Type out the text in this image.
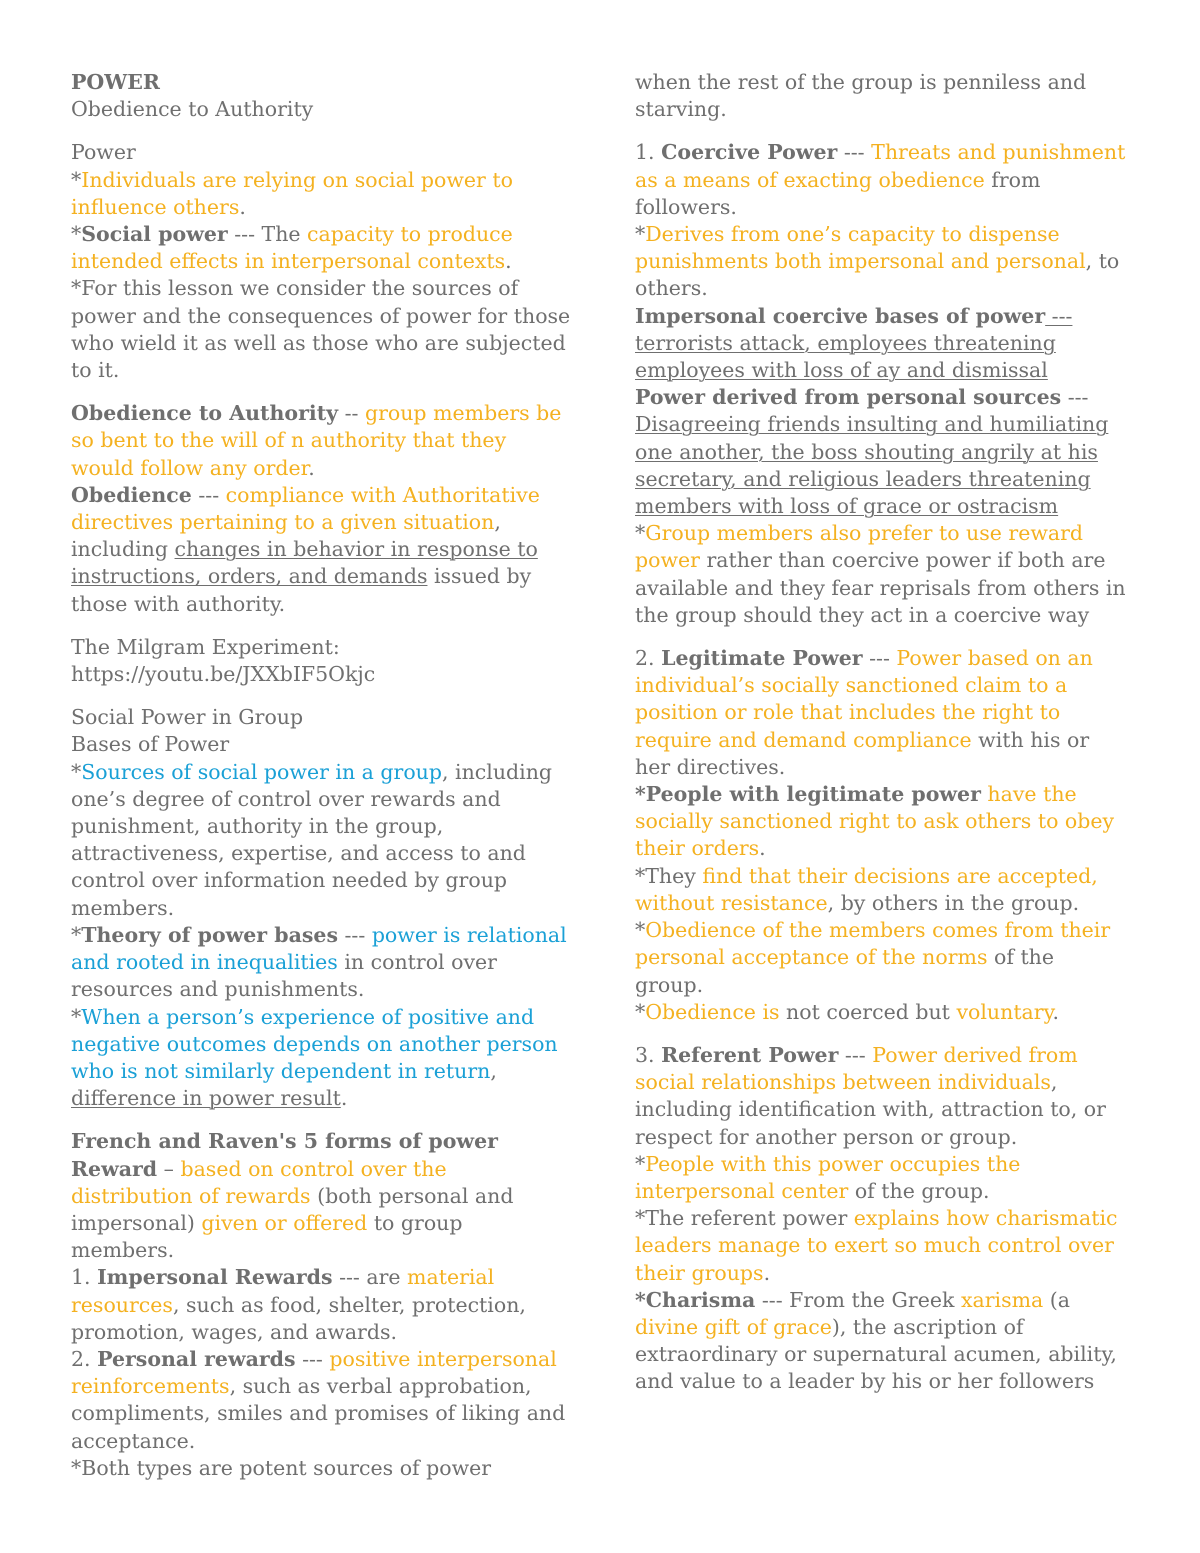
POWER

Obedience to Authority

Power

*Individuals are relying on social power to influence others.

*Social power --- The capacity to produce intended effects in interpersonal contexts.

*For this lesson we consider the sources of power and the consequences of power for those who wield it as well as those who are subjected to it.

Obedience to Authority -- group members be so bent to the will of n authority that they would follow any order.

Obedience --- compliance with Authoritative directives pertaining to a given situation, including changes in behavior in response to instructions, orders, and demands issued by those with authority.

The Milgram Experiment:

https://youtu.be/JXXbIF5Okjc

Social Power in Group

Bases of Power

*Sources of social power in a group, including one’s degree of control over rewards and punishment, authority in the group, attractiveness, expertise, and access to and control over information needed by group members.

*Theory of power bases --- power is relational and rooted in inequalities in control over resources and punishments.

*When a person’s experience of positive and negative outcomes depends on another person who is not similarly dependent in return, difference in power result.

French and Raven's 5 forms of power

Reward – based on control over the distribution of rewards (both personal and impersonal) given or offered to group members.

1. Impersonal Rewards --- are material resources, such as food, shelter, protection, promotion, wages, and awards.

2. Personal rewards --- positive interpersonal reinforcements, such as verbal approbation, compliments, smiles and promises of liking and acceptance.

*Both types are potent sources of power

when the rest of the group is penniless and starving.

1. Coercive Power --- Threats and punishment as a means of exacting obedience from followers.

*Derives from one’s capacity to dispense punishments both impersonal and personal, to others.

Impersonal coercive bases of power --- terrorists attack, employees threatening employees with loss of ay and dismissal

Power derived from personal sources --- Disagreeing friends insulting and humiliating one another, the boss shouting angrily at his secretary, and religious leaders threatening members with loss of grace or ostracism

*Group members also prefer to use reward power rather than coercive power if both are available and they fear reprisals from others in the group should they act in a coercive way

2. Legitimate Power --- Power based on an individual’s socially sanctioned claim to a position or role that includes the right to require and demand compliance with his or her directives.

*People with legitimate power have the socially sanctioned right to ask others to obey their orders.

*They find that their decisions are accepted, without resistance, by others in the group.

*Obedience of the members comes from their personal acceptance of the norms of the group.

*Obedience is not coerced but voluntary.

3. Referent Power --- Power derived from social relationships between individuals, including identification with, attraction to, or respect for another person or group.

*People with this power occupies the interpersonal center of the group.

*The referent power explains how charismatic leaders manage to exert so much control over their groups.

*Charisma --- From the Greek xarisma (a divine gift of grace), the ascription of extraordinary or supernatural acumen, ability, and value to a leader by his or her followers
